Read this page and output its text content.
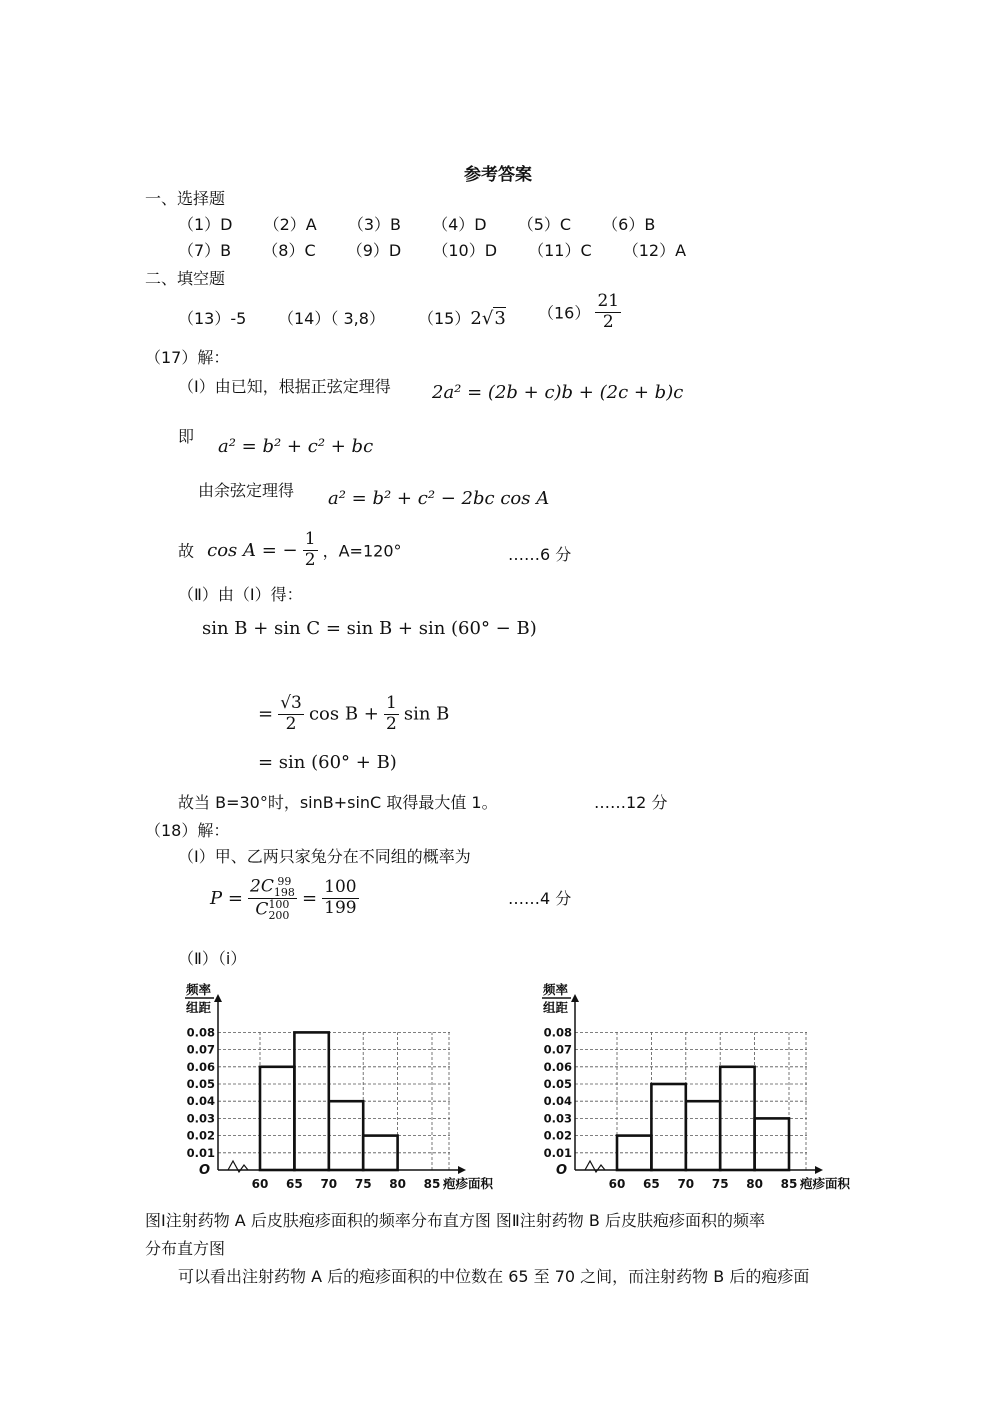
参考答案
一、选择题
（1）D （2）A （3）B （4）D （5）C （6）B
（7）B （8）C （9）D （10）D （11）C （12）A
二、填空题
（13）-5 （14）（ 3,8） （15）2√3 $(16) \frac{21}{2}$
（17）解：
（Ⅰ）由已知，根据正弦定理得 2a² = (2b + c)b + (2c + b)c
即 a² = b² + c² + bc
由余弦定理得 a² = b² + c² − 2bc cos A
故 cos A = − $\frac{1}{2}$ ，A=120°	……6 分
（Ⅱ）由（Ⅰ）得：
sin B + sin C = sin B + sin (60° − B)
= $\frac{√3}{2}$ $\cos B + \frac{1}{2}$ sin B
= sin (60° + B)
故当 B=30°时，sinB+sinC 取得最大值 1。	……12 分
（18）解：
（Ⅰ）甲、乙两只家兔分在不同组的概率为
P = 2C 99
198
C 100
$200 = \frac{100}{199}$	……4 分
（Ⅱ）（i）
0.01
0.02
0.03
0.04
0.05
0.06
0.07
0.08
O
60 65 70 75 80 85 疱疹面积
频率
组距
0.01
0.02
0.03
0.04
0.05
0.06
0.07
0.08
O
60 65 70 75 80 85 疱疹面积
频率
组距
图Ⅰ注射药物 A 后皮肤疱疹面积的频率分布直方图 图Ⅱ注射药物 B 后皮肤疱疹面积的频率
分布直方图
可以看出注射药物 A 后的疱疹面积的中位数在 65 至 70 之间，而注射药物 B 后的疱疹面
